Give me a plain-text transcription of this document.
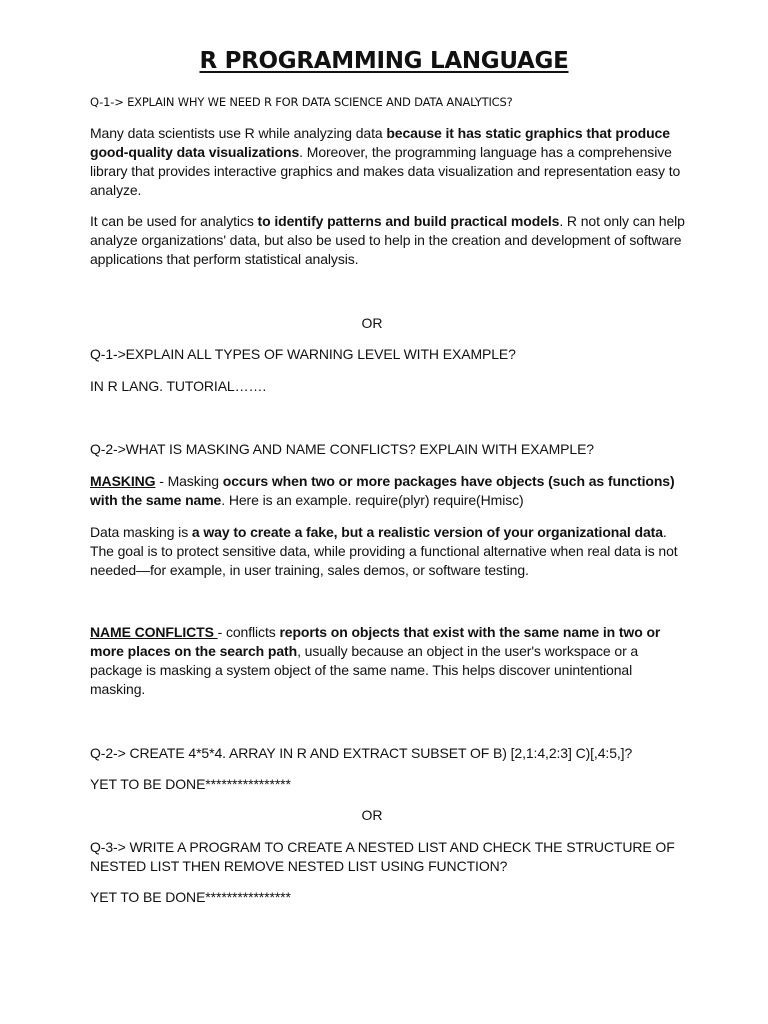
R PROGRAMMING LANGUAGE
Q-1-> EXPLAIN WHY WE NEED R FOR DATA SCIENCE AND DATA ANALYTICS?
Many data scientists use R while analyzing data because it has static graphics that produce good-quality data visualizations. Moreover, the programming language has a comprehensive library that provides interactive graphics and makes data visualization and representation easy to analyze.
It can be used for analytics to identify patterns and build practical models. R not only can help analyze organizations' data, but also be used to help in the creation and development of software applications that perform statistical analysis.
OR
Q-1->EXPLAIN ALL TYPES OF WARNING LEVEL WITH EXAMPLE?
IN R LANG. TUTORIAL…….
Q-2->WHAT IS MASKING AND NAME CONFLICTS? EXPLAIN WITH EXAMPLE?
MASKING - Masking occurs when two or more packages have objects (such as functions) with the same name. Here is an example. require(plyr) require(Hmisc)
Data masking is a way to create a fake, but a realistic version of your organizational data. The goal is to protect sensitive data, while providing a functional alternative when real data is not needed—for example, in user training, sales demos, or software testing.
NAME CONFLICTS - conflicts reports on objects that exist with the same name in two or more places on the search path, usually because an object in the user's workspace or a package is masking a system object of the same name. This helps discover unintentional masking.
Q-2-> CREATE 4*5*4. ARRAY IN R AND EXTRACT SUBSET OF B) [2,1:4,2:3] C)[,4:5,]?
YET TO BE DONE****************
OR
Q-3-> WRITE A PROGRAM TO CREATE A NESTED LIST AND CHECK THE STRUCTURE OF NESTED LIST THEN REMOVE NESTED LIST USING FUNCTION?
YET TO BE DONE****************
